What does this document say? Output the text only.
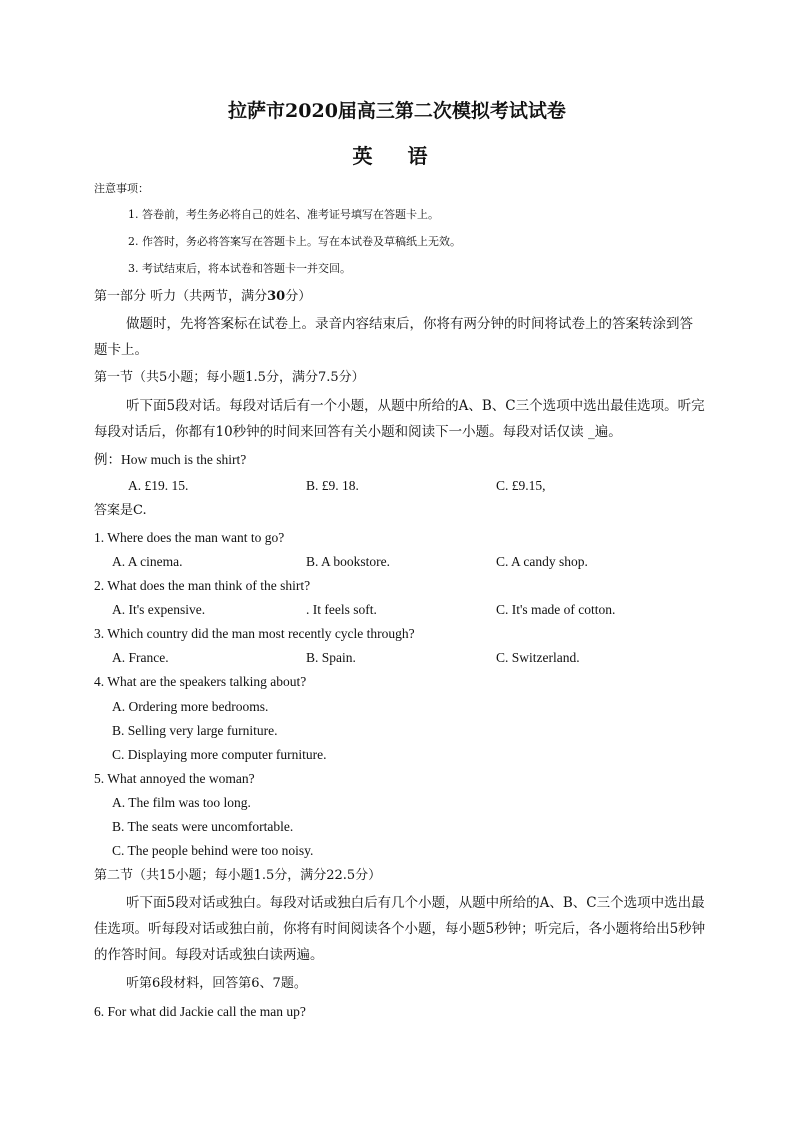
拉萨市2020届高三第二次模拟考试试卷
英 语
注意事项：
1. 答卷前，考生务必将自己的姓名、准考证号填写在答题卡上。
2. 作答时，务必将答案写在答题卡上。写在本试卷及草稿纸上无效。
3. 考试结束后，将本试卷和答题卡一并交回。
第一部分 听力（共两节，满分30分）
做题时，先将答案标在试卷上。录音内容结束后，你将有两分钟的时间将试卷上的答案转涂到答题卡上。
第一节（共5小题；每小题1.5分，满分7.5分）
听下面5段对话。每段对话后有一个小题，从题中所给的A、B、C三个选项中选出最佳选项。听完每段对话后，你都有10秒钟的时间来回答有关小题和阅读下一小题。每段对话仅读 _遍。
例：How much is the shirt?
A. £19. 15.	B. £9. 18.	C. £9.15,
答案是C.
1. Where does the man want to go?
A. A cinema.	B. A bookstore.	C. A candy shop.
2. What does the man think of the shirt?
A. It's expensive.	. It feels soft.	C. It's made of cotton.
3. Which country did the man most recently cycle through?
A. France.	B. Spain.	C. Switzerland.
4. What are the speakers talking about?
A. Ordering more bedrooms.
B. Selling very large furniture.
C. Displaying more computer furniture.
5. What annoyed the woman?
A. The film was too long.
B. The seats were uncomfortable.
C. The people behind were too noisy.
第二节（共15小题；每小题1.5分，满分22.5分）
听下面5段对话或独白。每段对话或独白后有几个小题，从题中所给的A、B、C三个选项中选出最佳选项。听每段对话或独白前，你将有时间阅读各个小题，每小题5秒钟；听完后，各小题将给出5秒钟的作答时间。每段对话或独白读两遍。
听第6段材料，回答第6、7题。
6. For what did Jackie call the man up?
